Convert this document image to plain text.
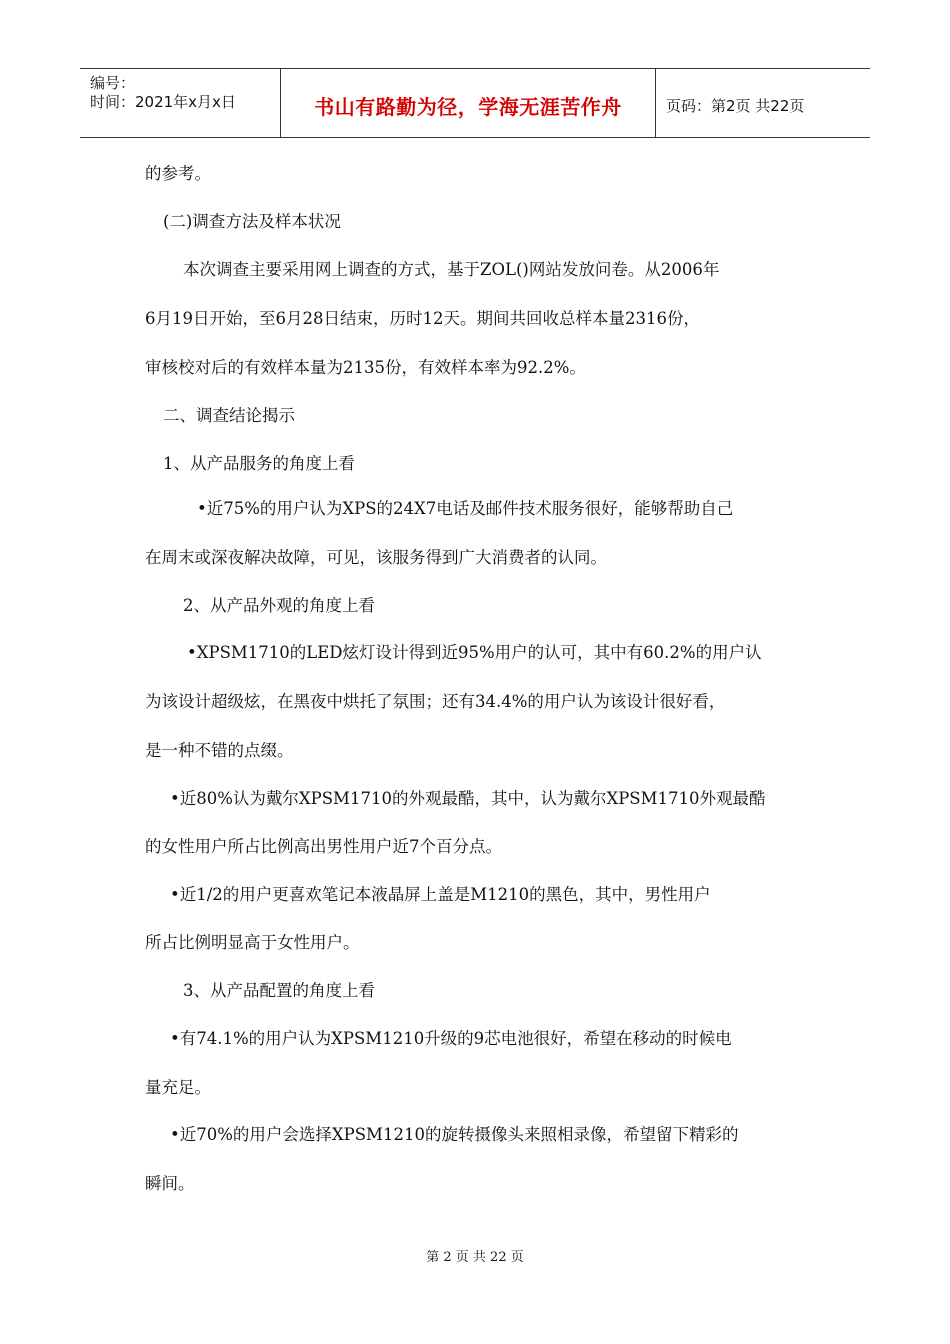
编号：
时间：2021年x月x日	书山有路勤为径，学海无涯苦作舟	页码：第2页 共22页
的参考。
(二)调查方法及样本状况
本次调查主要采用网上调查的方式，基于ZOL()网站发放问卷。从2006年
6月19日开始，至6月28日结束，历时12天。期间共回收总样本量2316份，
审核校对后的有效样本量为2135份，有效样本率为92.2%。
二、调查结论揭示
1、从产品服务的角度上看
•近75%的用户认为XPS的24X7电话及邮件技术服务很好，能够帮助自己
在周末或深夜解决故障，可见，该服务得到广大消费者的认同。
2、从产品外观的角度上看
•XPSM1710的LED炫灯设计得到近95%用户的认可，其中有60.2%的用户认
为该设计超级炫，在黑夜中烘托了氛围；还有34.4%的用户认为该设计很好看，
是一种不错的点缀。
•近80%认为戴尔XPSM1710的外观最酷，其中，认为戴尔XPSM1710外观最酷
的女性用户所占比例高出男性用户近7个百分点。
•近1/2的用户更喜欢笔记本液晶屏上盖是M1210的黑色，其中，男性用户
所占比例明显高于女性用户。
3、从产品配置的角度上看
•有74.1%的用户认为XPSM1210升级的9芯电池很好，希望在移动的时候电
量充足。
•近70%的用户会选择XPSM1210的旋转摄像头来照相录像，希望留下精彩的
瞬间。
第 2 页 共 22 页
